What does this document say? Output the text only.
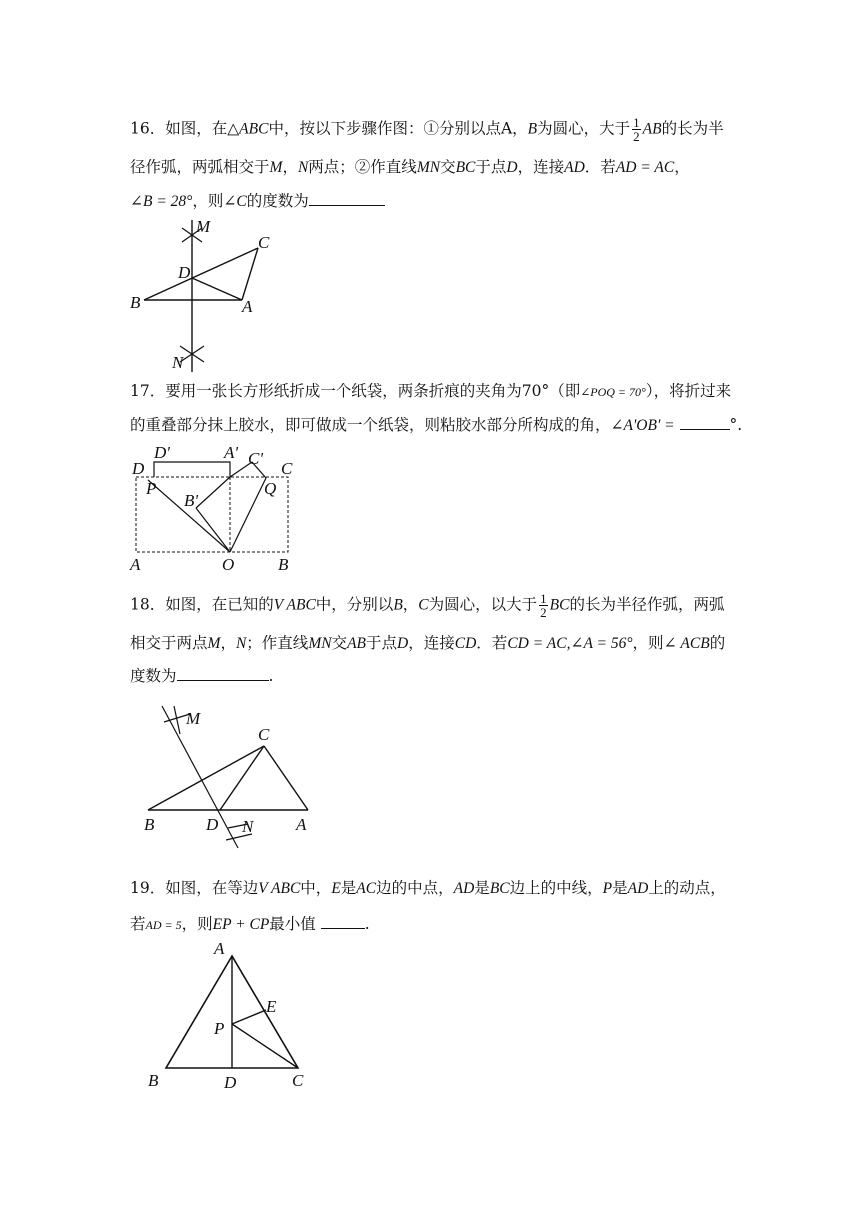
16．如图，在△ABC中，按以下步骤作图：①分别以点A，B为圆心，大于 $\frac{1}{2}$ AB的长为半
径作弧，两弧相交于M，N两点；②作直线MN交BC于点D，连接AD．若AD = AC，
∠B = 28°，则∠C的度数为
M
C
D
B	A
N
17．要用一张长方形纸折成一个纸袋，两条折痕的夹角为70°（即∠POQ = 70°），将折过来
的重叠部分抹上胶水，即可做成一个纸袋，则粘胶水部分所构成的角，∠A'OB' =	°.
D'	A' C'
D	C
P	Q
B'
A	O	B
18．如图，在已知的V ABC中，分别以B，C为圆心，以大于 $\frac{1}{2}$ BC的长为半径作弧，两弧
相交于两点M，N；作直线MN交AB于点D，连接CD．若CD = AC,∠A = 56°，则∠ ACB的
度数为	.
M
C
B	D N	A
19．如图，在等边V ABC中，E是AC边的中点，AD是BC边上的中线，P是AD上的动点，
若AD = 5，则EP + CP最小值	.
A
E
P
B	D	C
